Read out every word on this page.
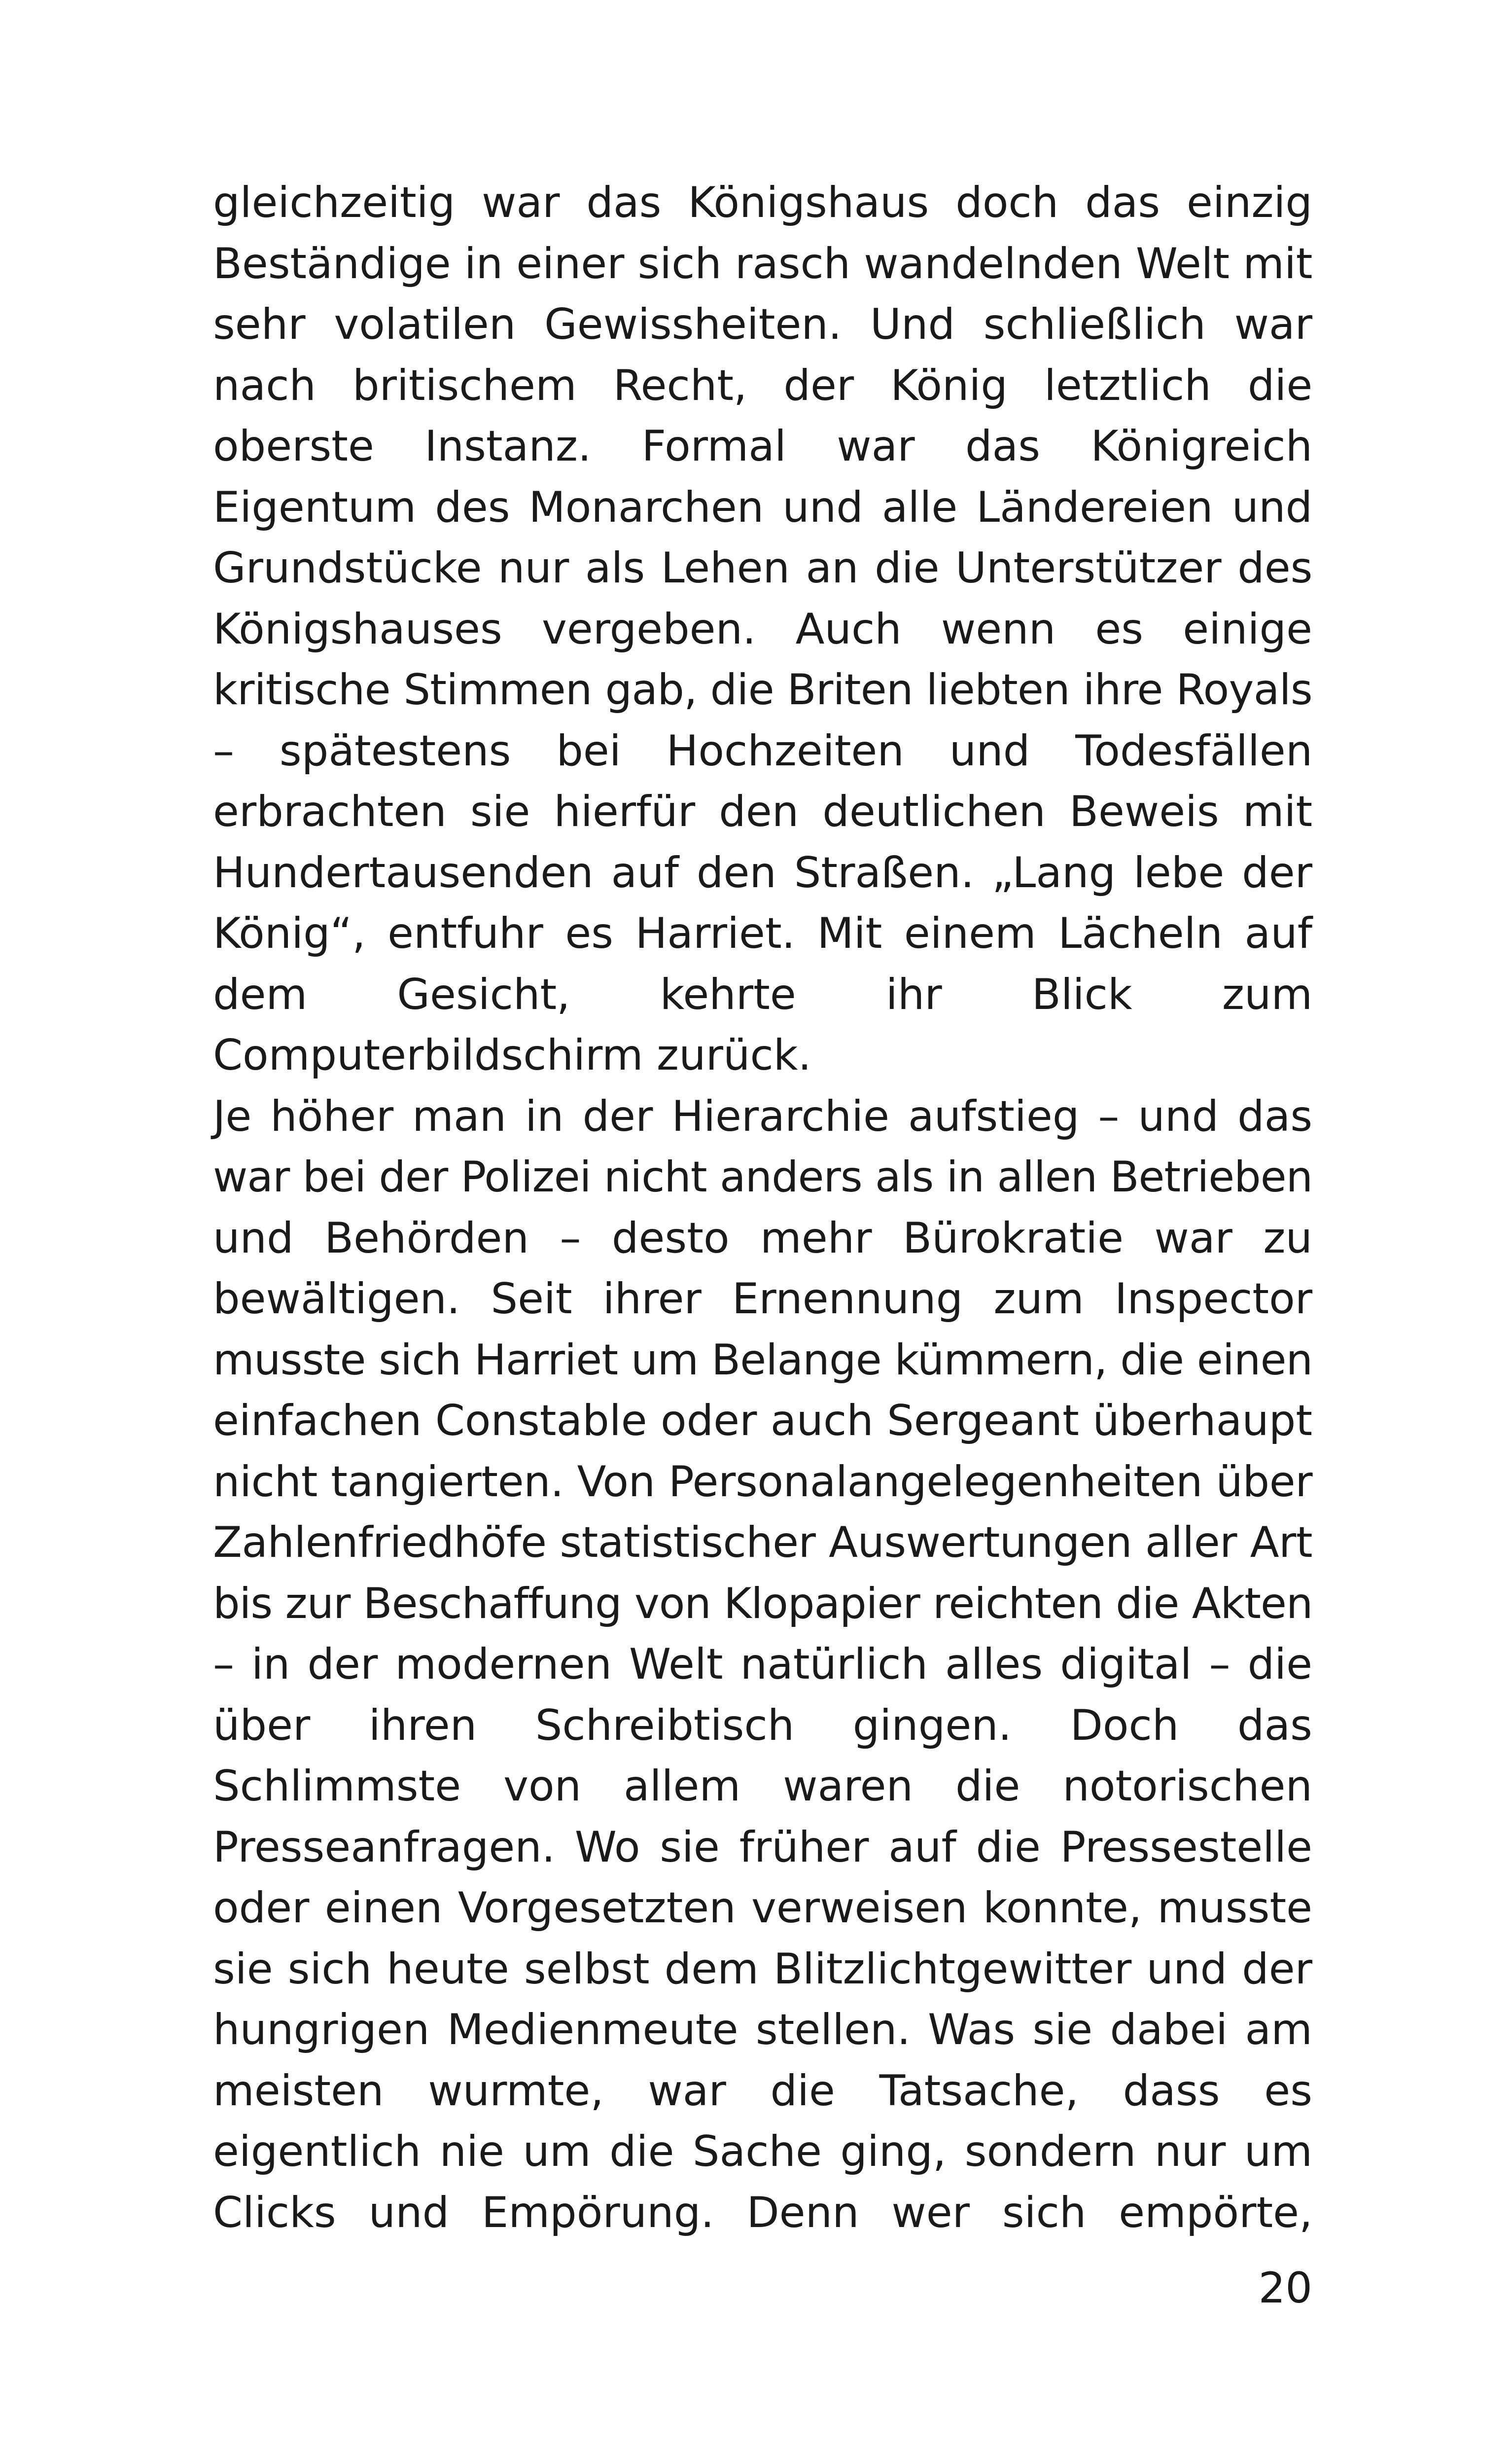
gleichzeitig war das Königshaus doch das einzig
Beständige in einer sich rasch wandelnden Welt mit
sehr volatilen Gewissheiten. Und schließlich war
nach britischem Recht, der König letztlich die
oberste Instanz. Formal war das Königreich
Eigentum des Monarchen und alle Ländereien und
Grundstücke nur als Lehen an die Unterstützer des
Königshauses vergeben. Auch wenn es einige
kritische Stimmen gab, die Briten liebten ihre Royals
– spätestens bei Hochzeiten und Todesfällen
erbrachten sie hierfür den deutlichen Beweis mit
Hundertausenden auf den Straßen. „Lang lebe der
König“, entfuhr es Harriet. Mit einem Lächeln auf
dem Gesicht, kehrte ihr Blick zum
Computerbildschirm zurück.

Je höher man in der Hierarchie aufstieg – und das
war bei der Polizei nicht anders als in allen Betrieben
und Behörden – desto mehr Bürokratie war zu
bewältigen. Seit ihrer Ernennung zum Inspector
musste sich Harriet um Belange kümmern, die einen
einfachen Constable oder auch Sergeant überhaupt
nicht tangierten. Von Personalangelegenheiten über
Zahlenfriedhöfe statistischer Auswertungen aller Art
bis zur Beschaffung von Klopapier reichten die Akten
– in der modernen Welt natürlich alles digital – die
über ihren Schreibtisch gingen. Doch das
Schlimmste von allem waren die notorischen
Presseanfragen. Wo sie früher auf die Pressestelle
oder einen Vorgesetzten verweisen konnte, musste
sie sich heute selbst dem Blitzlichtgewitter und der
hungrigen Medienmeute stellen. Was sie dabei am
meisten wurmte, war die Tatsache, dass es
eigentlich nie um die Sache ging, sondern nur um
Clicks und Empörung. Denn wer sich empörte,

20
